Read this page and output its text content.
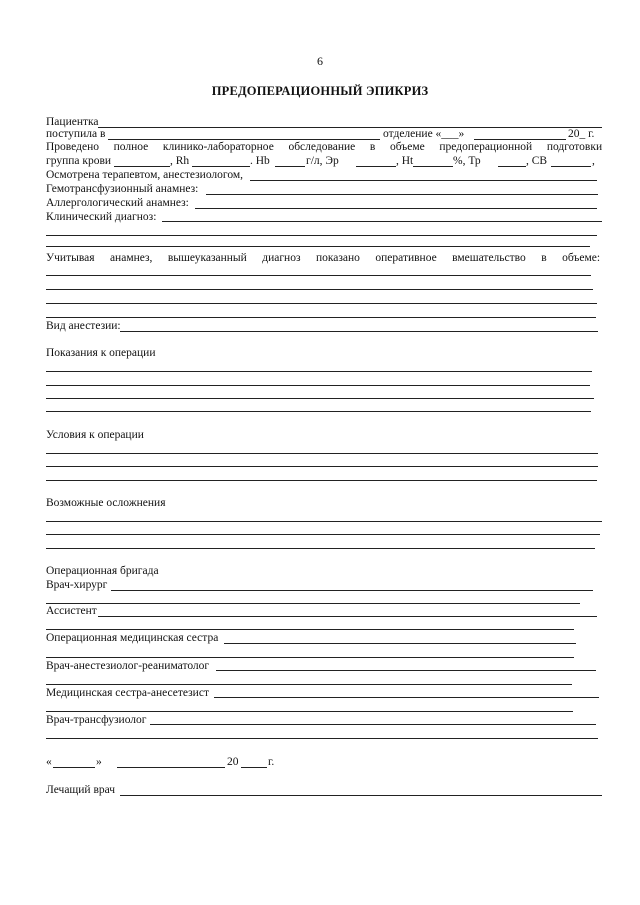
6
ПРЕДОПЕРАЦИОННЫЙ ЭПИКРИЗ
Пациентка
поступила в	отделение «___»	20_ г.
Проведено полное клинико-лабораторное обследование в объеме предоперационной подготовки
группа крови	, Rh	. Hb	г/л, Эр	, Ht	%, Тр	, СВ	,
Осмотрена терапевтом, анестезиологом,
Гемотрансфузионный анамнез:
Аллергологический анамнез:
Клинический диагноз:
Учитывая анамнез, вышеуказанный диагноз показано оперативное вмешательство в объеме:
Вид анестезии:
Показания к операции
Условия к операции
Возможные осложнения
Операционная бригада
Врач-хирург
Ассистент
Операционная медицинская сестра
Врач-анестезиолог-реаниматолог
Медицинская сестра-анесетезист
Врач-трансфузиолог
«	»	20	г.
Лечащий врач
